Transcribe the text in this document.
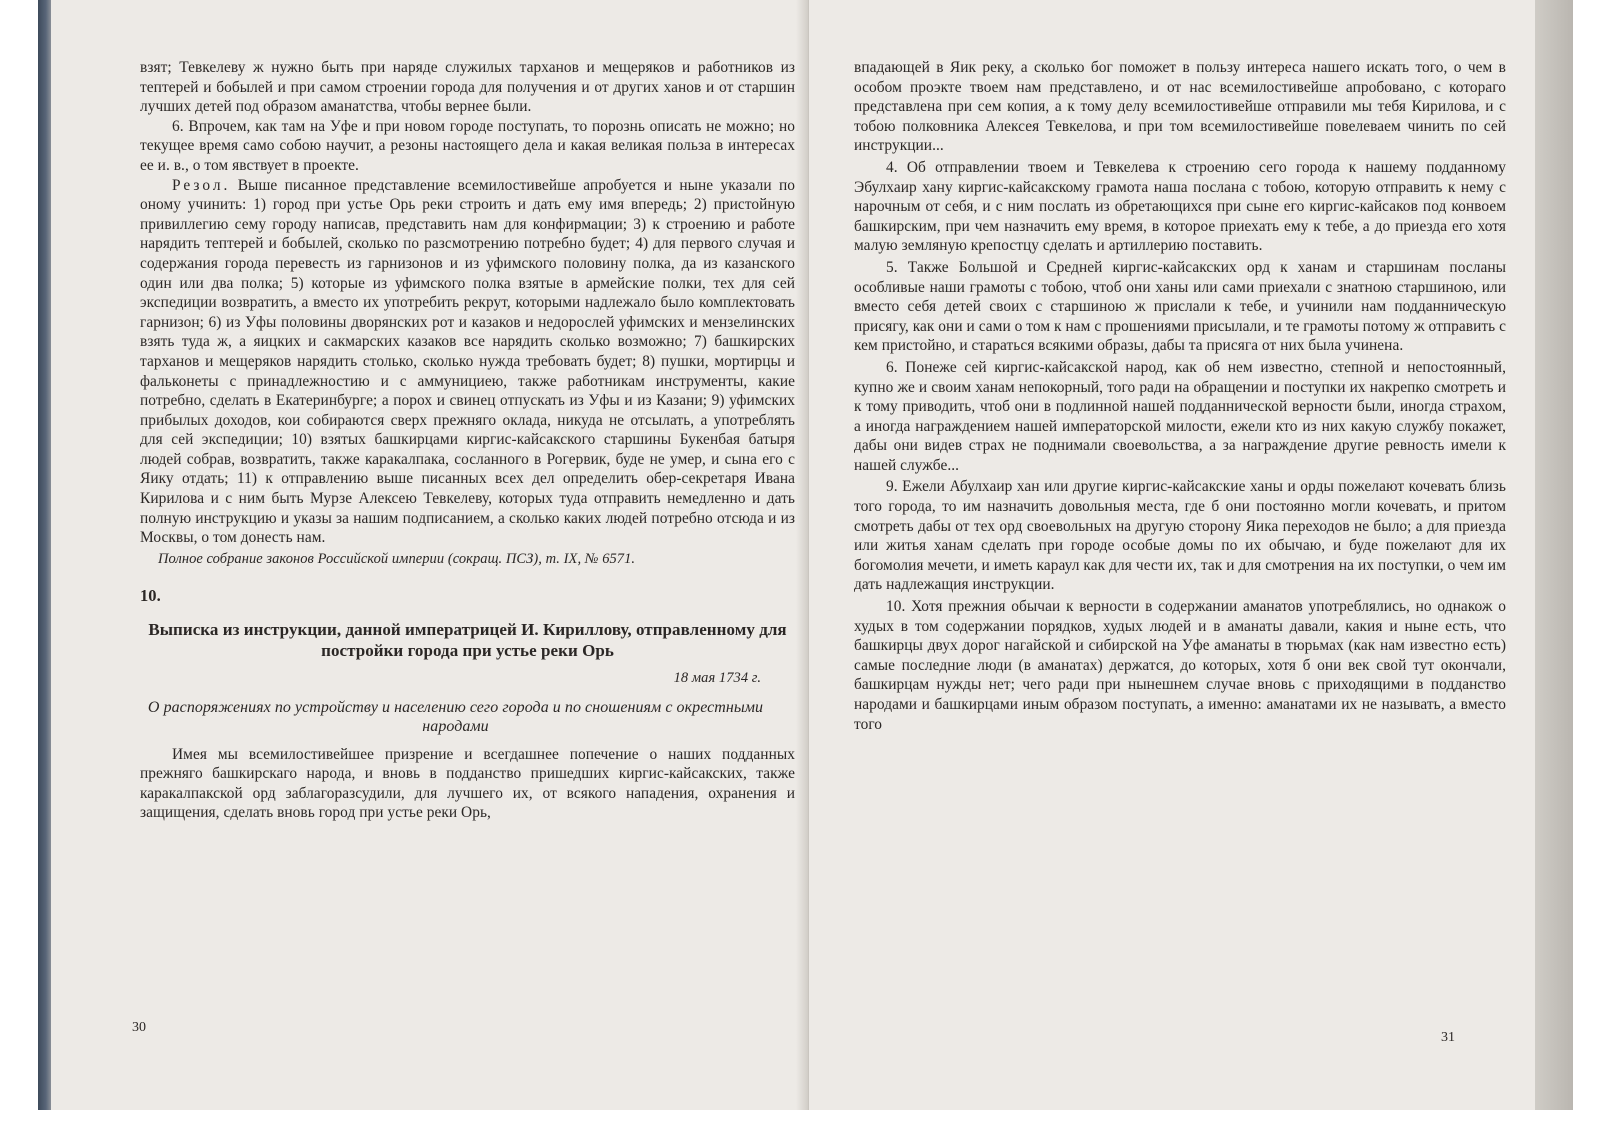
взят; Тевкелеву ж нужно быть при наряде служилых тарханов и мещеряков и работников из тептерей и бобылей и при самом строении города для получения и от других ханов и от старшин лучших детей под образом аманатства, чтобы вернее были.

6. Впрочем, как там на Уфе и при новом городе поступать, то порознь описать не можно; но текущее время само собою научит, а резоны настоящего дела и какая великая польза в интересах ее и. в., о том явствует в проекте.

Резол. Выше писанное представление всемилостивейше апробуется и ныне указали по оному учинить: 1) город при устье Орь реки строить и дать ему имя впередь; 2) пристойную привиллегию сему городу написав, представить нам для конфирмации; 3) к строению и работе нарядить тептерей и бобылей, сколько по разсмотрению потребно будет; 4) для первого случая и содержания города перевесть из гарнизонов и из уфимского половину полка, да из казанского один или два полка; 5) которые из уфимского полка взятые в армейские полки, тех для сей экспедиции возвратить, а вместо их употребить рекрут, которыми надлежало было комплектовать гарнизон; 6) из Уфы половины дворянских рот и казаков и недорослей уфимских и мензелинских взять туда ж, а яицких и сакмарских казаков все нарядить сколько возможно; 7) башкирских тарханов и мещеряков нарядить столько, сколько нужда требовать будет; 8) пушки, мортирцы и фальконеты с принадлежностию и с аммунициею, также работникам инструменты, какие потребно, сделать в Екатеринбурге; а порох и свинец отпускать из Уфы и из Казани; 9) уфимских прибылых доходов, кои собираются сверх прежняго оклада, никуда не отсылать, а употреблять для сей экспедиции; 10) взятых башкирцами киргис-кайсакского старшины Букенбая батыря людей собрав, возвратить, также каракалпака, сосланного в Рогервик, буде не умер, и сына его с Яику отдать; 11) к отправлению выше писанных всех дел определить обер-секретаря Ивана Кирилова и с ним быть Мурзе Алексею Тевкелеву, которых туда отправить немедленно и дать полную инструкцию и указы за нашим подписанием, а сколько каких людей потребно отсюда и из Москвы, о том донесть нам.

Полное собрание законов Российской империи (сокращ. ПСЗ), т. IX, № 6571.

10.

Выписка из инструкции, данной императрицей И. Кириллову, отправленному для постройки города при устье реки Орь

18 мая 1734 г.

О распоряжениях по устройству и населению сего города и по сношениям с окрестными народами

Имея мы всемилостивейшее призрение и всегдашнее попечение о наших подданных прежняго башкирскаго народа, и вновь в подданство пришедших киргис-кайсакских, также каракалпакской орд заблагоразсудили, для лучшего их, от всякого нападения, охранения и защищения, сделать вновь город при устье реки Орь,

30

впадающей в Яик реку, а сколько бог поможет в пользу интереса нашего искать того, о чем в особом проэкте твоем нам представлено, и от нас всемилостивейше апробовано, с котораго представлена при сем копия, а к тому делу всемилостивейше отправили мы тебя Кирилова, и с тобою полковника Алексея Тевкелова, и при том всемилостивейше повелеваем чинить по сей инструкции...

4. Об отправлении твоем и Тевкелева к строению сего города к нашему подданному Эбулхаир хану киргис-кайсакскому грамота наша послана с тобою, которую отправить к нему с нарочным от себя, и с ним послать из обретающихся при сыне его киргис-кайсаков под конвоем башкирским, при чем назначить ему время, в которое приехать ему к тебе, а до приезда его хотя малую земляную крепостцу сделать и артиллерию поставить.

5. Также Большой и Средней киргис-кайсакских орд к ханам и старшинам посланы особливые наши грамоты с тобою, чтоб они ханы или сами приехали с знатною старшиною, или вместо себя детей своих с старшиною ж прислали к тебе, и учинили нам подданническую присягу, как они и сами о том к нам с прошениями присылали, и те грамоты потому ж отправить с кем пристойно, и стараться всякими образы, дабы та присяга от них была учинена.

6. Понеже сей киргис-кайсакской народ, как об нем известно, степной и непостоянный, купно же и своим ханам непокорный, того ради на обращении и поступки их накрепко смотреть и к тому приводить, чтоб они в подлинной нашей подданнической верности были, иногда страхом, а иногда награждением нашей императорской милости, ежели кто из них какую службу покажет, дабы они видев страх не поднимали своевольства, а за награждение другие ревность имели к нашей службе...

9. Ежели Абулхаир хан или другие киргис-кайсакские ханы и орды пожелают кочевать близь того города, то им назначить довольныя места, где б они постоянно могли кочевать, и притом смотреть дабы от тех орд своевольных на другую сторону Яика переходов не было; а для приезда или житья ханам сделать при городе особые домы по их обычаю, и буде пожелают для их богомолия мечети, и иметь караул как для чести их, так и для смотрения на их поступки, о чем им дать надлежащия инструкции.

10. Хотя прежния обычаи к верности в содержании аманатов употреблялись, но однакож о худых в том содержании порядков, худых людей и в аманаты давали, какия и ныне есть, что башкирцы двух дорог нагайской и сибирской на Уфе аманаты в тюрьмах (как нам известно есть) самые последние люди (в аманатах) держатся, до которых, хотя б они век свой тут окончали, башкирцам нужды нет; чего ради при нынешнем случае вновь с приходящими в подданство народами и башкирцами иным образом поступать, а именно: аманатами их не называть, а вместо того

31
